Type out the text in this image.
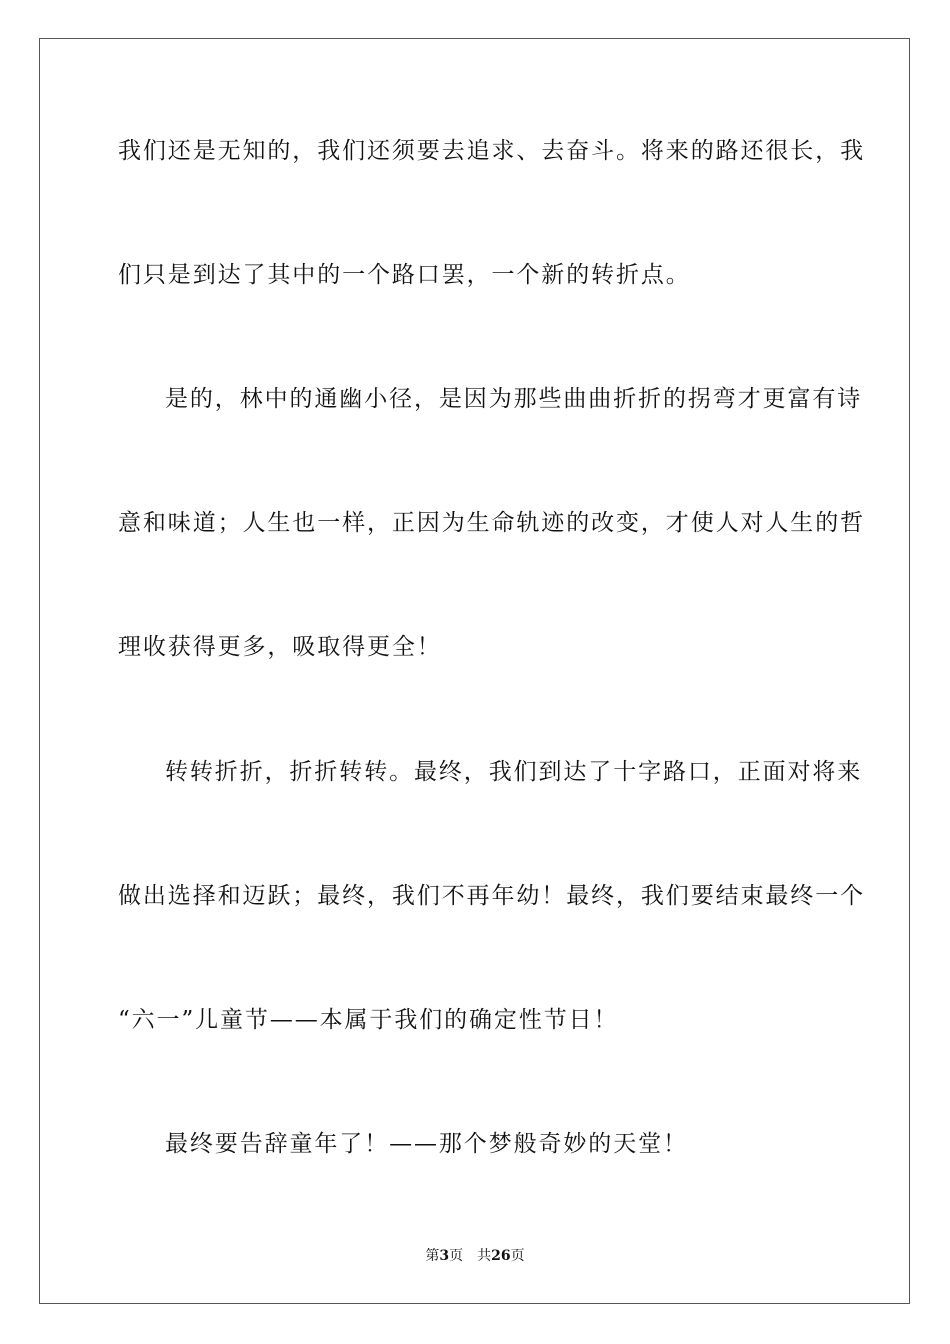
我们还是无知的，我们还须要去追求、去奋斗。将来的路还很长，我
们只是到达了其中的一个路口罢，一个新的转折点。
是的，林中的通幽小径，是因为那些曲曲折折的拐弯才更富有诗
意和味道；人生也一样，正因为生命轨迹的改变，才使人对人生的哲
理收获得更多，吸取得更全！
转转折折，折折转转。最终，我们到达了十字路口，正面对将来
做出选择和迈跃；最终，我们不再年幼！最终，我们要结束最终一个
“六一”儿童节——本属于我们的确定性节日！
最终要告辞童年了！——那个梦般奇妙的天堂！
第3页 共26页
